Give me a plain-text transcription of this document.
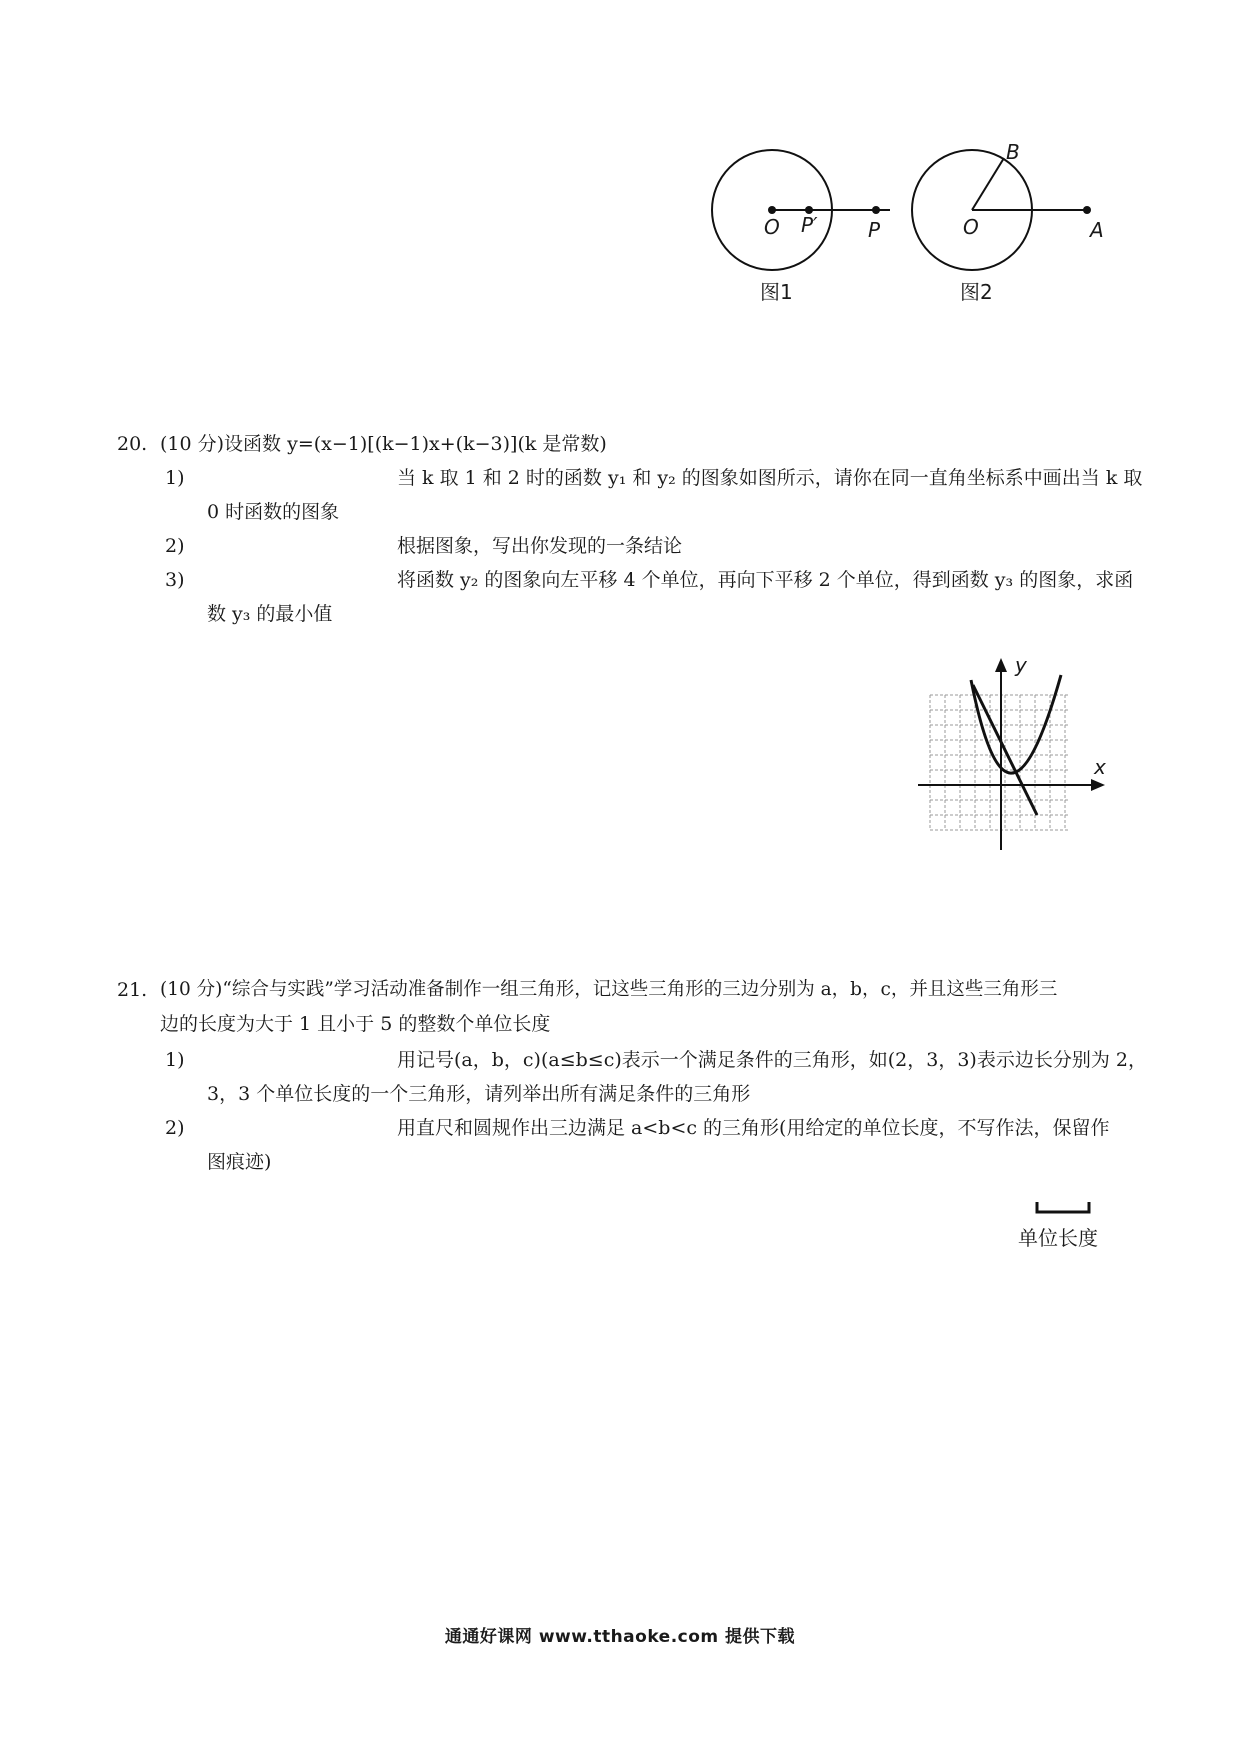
O P′	P
B
O	A
图1	图2
20. (10 分)设函数 y=(x−1)[(k−1)x+(k−3)](k 是常数)
1)	当 k 取 1 和 2 时的函数 y₁ 和 y₂ 的图象如图所示，请你在同一直角坐标系中画出当 k 取
0 时函数的图象
2)	根据图象，写出你发现的一条结论
3)	将函数 y₂ 的图象向左平移 4 个单位，再向下平移 2 个单位，得到函数 y₃ 的图象，求函
数 y₃ 的最小值
y
x
21. (10 分)“综合与实践”学习活动准备制作一组三角形，记这些三角形的三边分别为 a，b，c，并且这些三角形三
边的长度为大于 1 且小于 5 的整数个单位长度
1)	用记号(a，b，c)(a≤b≤c)表示一个满足条件的三角形，如(2，3，3)表示边长分别为 2，
3，3 个单位长度的一个三角形，请列举出所有满足条件的三角形
2)	用直尺和圆规作出三边满足 a<b<c 的三角形(用给定的单位长度，不写作法，保留作
图痕迹)
单位长度
通通好课网 www.tthaoke.com 提供下载
